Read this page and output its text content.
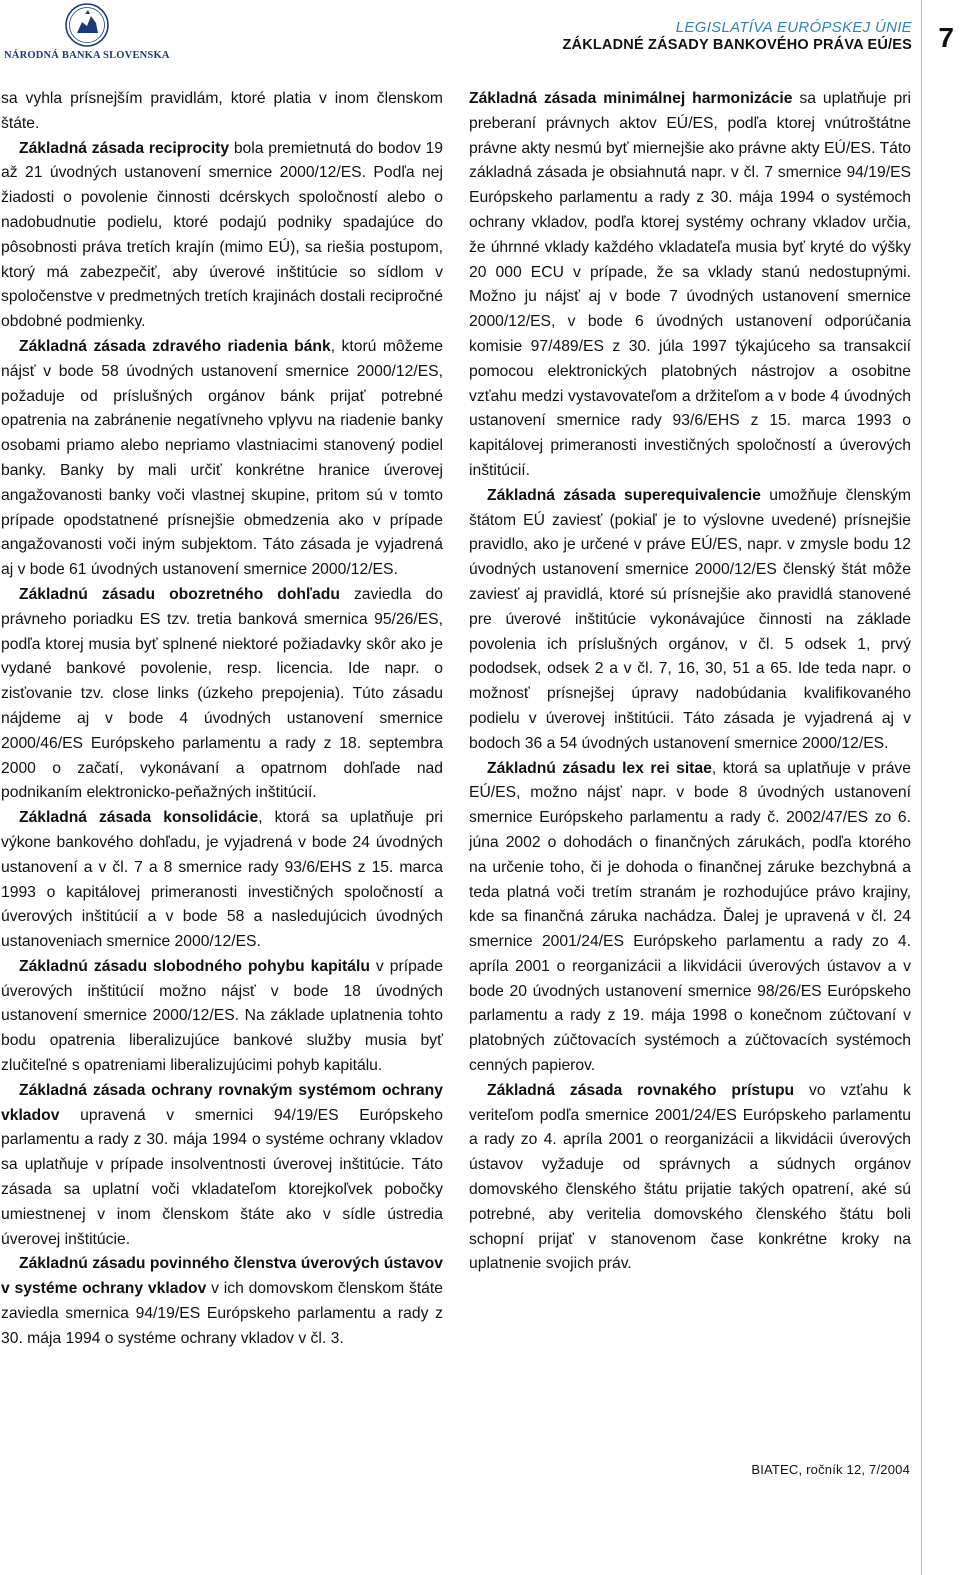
NÁRODNÁ BANKA SLOVENSKA
LEGISLATÍVA EURÓPSKEJ ÚNIE
ZÁKLADNÉ ZÁSADY BANKOVÉHO PRÁVA EÚ/ES 7

sa vyhla prísnejším pravidlám, ktoré platia v inom členskom štáte.

Základná zásada reciprocity bola premietnutá do bodov 19 až 21 úvodných ustanovení smernice 2000/12/ES. Podľa nej žiadosti o povolenie činnosti dcérskych spoločností alebo o nadobudnutie podielu, ktoré podajú podniky spadajúce do pôsobnosti práva tretích krajín (mimo EÚ), sa riešia postupom, ktorý má zabezpečiť, aby úverové inštitúcie so sídlom v spoločenstve v predmetných tretích krajinách dostali recipročné obdobné podmienky.

Základná zásada zdravého riadenia bánk, ktorú môžeme nájsť v bode 58 úvodných ustanovení smernice 2000/12/ES, požaduje od príslušných orgánov bánk prijať potrebné opatrenia na zabránenie negatívneho vplyvu na riadenie banky osobami priamo alebo nepriamo vlastniacimi stanovený podiel banky. Banky by mali určiť konkrétne hranice úverovej angažovanosti banky voči vlastnej skupine, pritom sú v tomto prípade opodstatnené prísnejšie obmedzenia ako v prípade angažovanosti voči iným subjektom. Táto zásada je vyjadrená aj v bode 61 úvodných ustanovení smernice 2000/12/ES.

Základnú zásadu obozretného dohľadu zaviedla do právneho poriadku ES tzv. tretia banková smernica 95/26/ES, podľa ktorej musia byť splnené niektoré požiadavky skôr ako je vydané bankové povolenie, resp. licencia. Ide napr. o zisťovanie tzv. close links (úzkeho prepojenia). Túto zásadu nájdeme aj v bode 4 úvodných ustanovení smernice 2000/46/ES Európskeho parlamentu a rady z 18. septembra 2000 o začatí, vykonávaní a opatrnom dohľade nad podnikaním elektronicko-peňažných inštitúcií.

Základná zásada konsolidácie, ktorá sa uplatňuje pri výkone bankového dohľadu, je vyjadrená v bode 24 úvodných ustanovení a v čl. 7 a 8 smernice rady 93/6/EHS z 15. marca 1993 o kapitálovej primeranosti investičných spoločností a úverových inštitúcií a v bode 58 a nasledujúcich úvodných ustanoveniach smernice 2000/12/ES.

Základnú zásadu slobodného pohybu kapitálu v prípade úverových inštitúcií možno nájsť v bode 18 úvodných ustanovení smernice 2000/12/ES. Na základe uplatnenia tohto bodu opatrenia liberalizujúce bankové služby musia byť zlučiteľné s opatreniami liberalizujúcimi pohyb kapitálu.

Základná zásada ochrany rovnakým systémom ochrany vkladov upravená v smernici 94/19/ES Európskeho parlamentu a rady z 30. mája 1994 o systéme ochrany vkladov sa uplatňuje v prípade insolventnosti úverovej inštitúcie. Táto zásada sa uplatní voči vkladateľom ktorejkoľvek pobočky umiestnenej v inom členskom štáte ako v sídle ústredia úverovej inštitúcie.

Základnú zásadu povinného členstva úverových ústavov v systéme ochrany vkladov v ich domovskom členskom štáte zaviedla smernica 94/19/ES Európskeho parlamentu a rady z 30. mája 1994 o systéme ochrany vkladov v čl. 3.

Základná zásada minimálnej harmonizácie sa uplatňuje pri preberaní právnych aktov EÚ/ES, podľa ktorej vnútroštátne právne akty nesmú byť miernejšie ako právne akty EÚ/ES. Táto základná zásada je obsiahnutá napr. v čl. 7 smernice 94/19/ES Európskeho parlamentu a rady z 30. mája 1994 o systémoch ochrany vkladov, podľa ktorej systémy ochrany vkladov určia, že úhrnné vklady každého vkladateľa musia byť kryté do výšky 20 000 ECU v prípade, že sa vklady stanú nedostupnými. Možno ju nájsť aj v bode 7 úvodných ustanovení smernice 2000/12/ES, v bode 6 úvodných ustanovení odporúčania komisie 97/489/ES z 30. júla 1997 týkajúceho sa transakcií pomocou elektronických platobných nástrojov a osobitne vzťahu medzi vystavovateľom a držiteľom a v bode 4 úvodných ustanovení smernice rady 93/6/EHS z 15. marca 1993 o kapitálovej primeranosti investičných spoločností a úverových inštitúcií.

Základná zásada superequivalencie umožňuje členským štátom EÚ zaviesť (pokiaľ je to výslovne uvedené) prísnejšie pravidlo, ako je určené v práve EÚ/ES, napr. v zmysle bodu 12 úvodných ustanovení smernice 2000/12/ES členský štát môže zaviesť aj pravidlá, ktoré sú prísnejšie ako pravidlá stanovené pre úverové inštitúcie vykonávajúce činnosti na základe povolenia ich príslušných orgánov, v čl. 5 odsek 1, prvý pododsek, odsek 2 a v čl. 7, 16, 30, 51 a 65. Ide teda napr. o možnosť prísnejšej úpravy nadobúdania kvalifikovaného podielu v úverovej inštitúcii. Táto zásada je vyjadrená aj v bodoch 36 a 54 úvodných ustanovení smernice 2000/12/ES.

Základnú zásadu lex rei sitae, ktorá sa uplatňuje v práve EÚ/ES, možno nájsť napr. v bode 8 úvodných ustanovení smernice Európskeho parlamentu a rady č. 2002/47/ES zo 6. júna 2002 o dohodách o finančných zárukách, podľa ktorého na určenie toho, či je dohoda o finančnej záruke bezchybná a teda platná voči tretím stranám je rozhodujúce právo krajiny, kde sa finančná záruka nachádza. Ďalej je upravená v čl. 24 smernice 2001/24/ES Európskeho parlamentu a rady zo 4. apríla 2001 o reorganizácii a likvidácii úverových ústavov a v bode 20 úvodných ustanovení smernice 98/26/ES Európskeho parlamentu a rady z 19. mája 1998 o konečnom zúčtovaní v platobných zúčtovacích systémoch a zúčtovacích systémoch cenných papierov.

Základná zásada rovnakého prístupu vo vzťahu k veriteľom podľa smernice 2001/24/ES Európskeho parlamentu a rady zo 4. apríla 2001 o reorganizácii a likvidácii úverových ústavov vyžaduje od správnych a súdnych orgánov domovského členského štátu prijatie takých opatrení, aké sú potrebné, aby veritelia domovského členského štátu boli schopní prijať v stanovenom čase konkrétne kroky na uplatnenie svojich práv.

BIATEC, ročník 12, 7/2004
